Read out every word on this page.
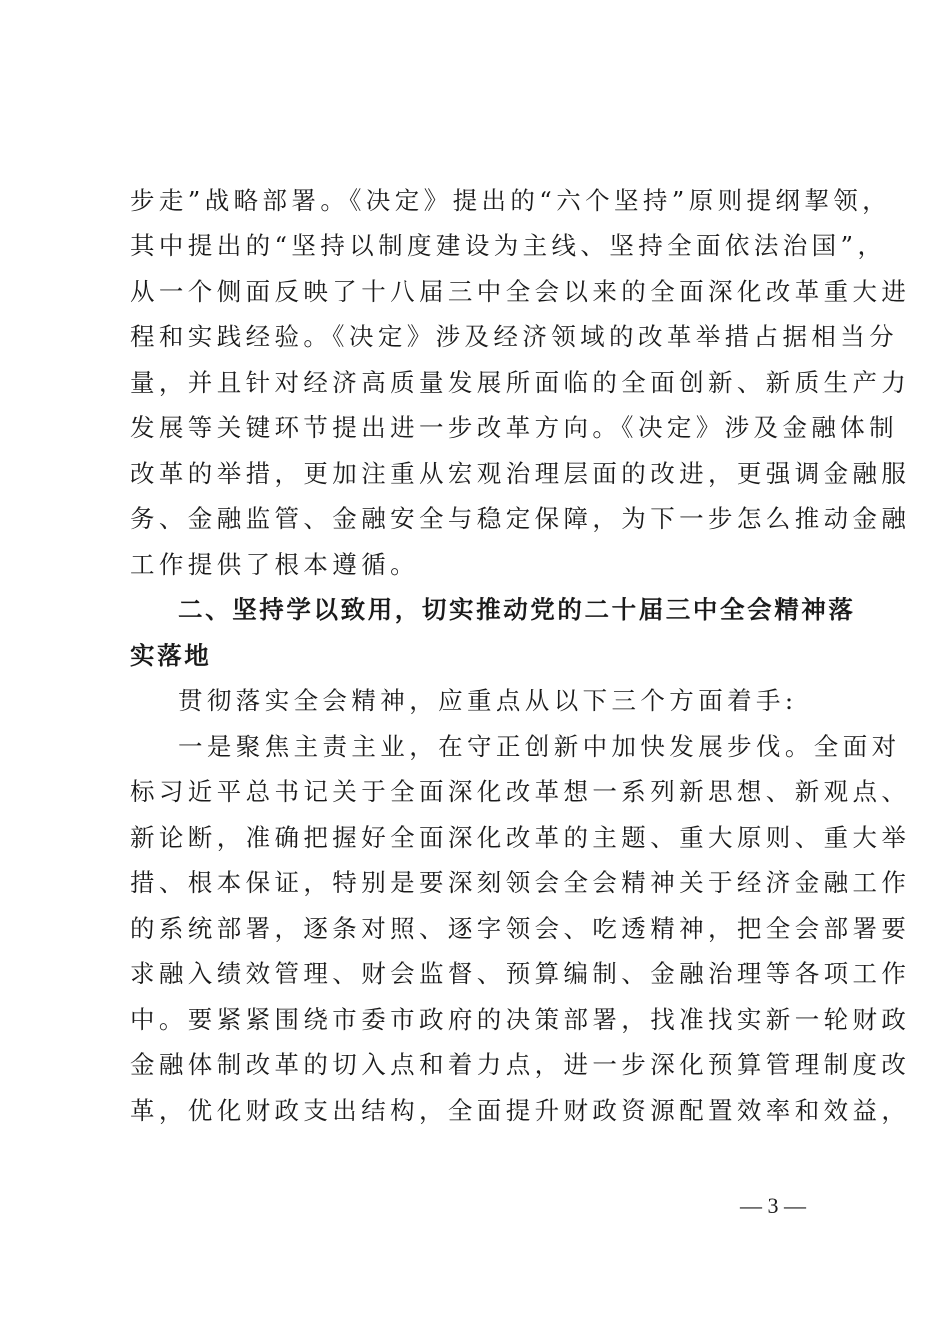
步走”战略部署。《决定》提出的“六个坚持”原则提纲挈领，
其中提出的“坚持以制度建设为主线、坚持全面依法治国”，
从一个侧面反映了十八届三中全会以来的全面深化改革重大进
程和实践经验。《决定》涉及经济领域的改革举措占据相当分
量，并且针对经济高质量发展所面临的全面创新、新质生产力
发展等关键环节提出进一步改革方向。《决定》涉及金融体制
改革的举措，更加注重从宏观治理层面的改进，更强调金融服
务、金融监管、金融安全与稳定保障，为下一步怎么推动金融
工作提供了根本遵循。
二、坚持学以致用，切实推动党的二十届三中全会精神落
实落地
贯彻落实全会精神，应重点从以下三个方面着手:
一是聚焦主责主业，在守正创新中加快发展步伐。全面对
标习近平总书记关于全面深化改革想一系列新思想、新观点、
新论断，准确把握好全面深化改革的主题、重大原则、重大举
措、根本保证，特别是要深刻领会全会精神关于经济金融工作
的系统部署，逐条对照、逐字领会、吃透精神，把全会部署要
求融入绩效管理、财会监督、预算编制、金融治理等各项工作
中。要紧紧围绕市委市政府的决策部署，找准找实新一轮财政
金融体制改革的切入点和着力点，进一步深化预算管理制度改
革，优化财政支出结构，全面提升财政资源配置效率和效益，
— 3 —
